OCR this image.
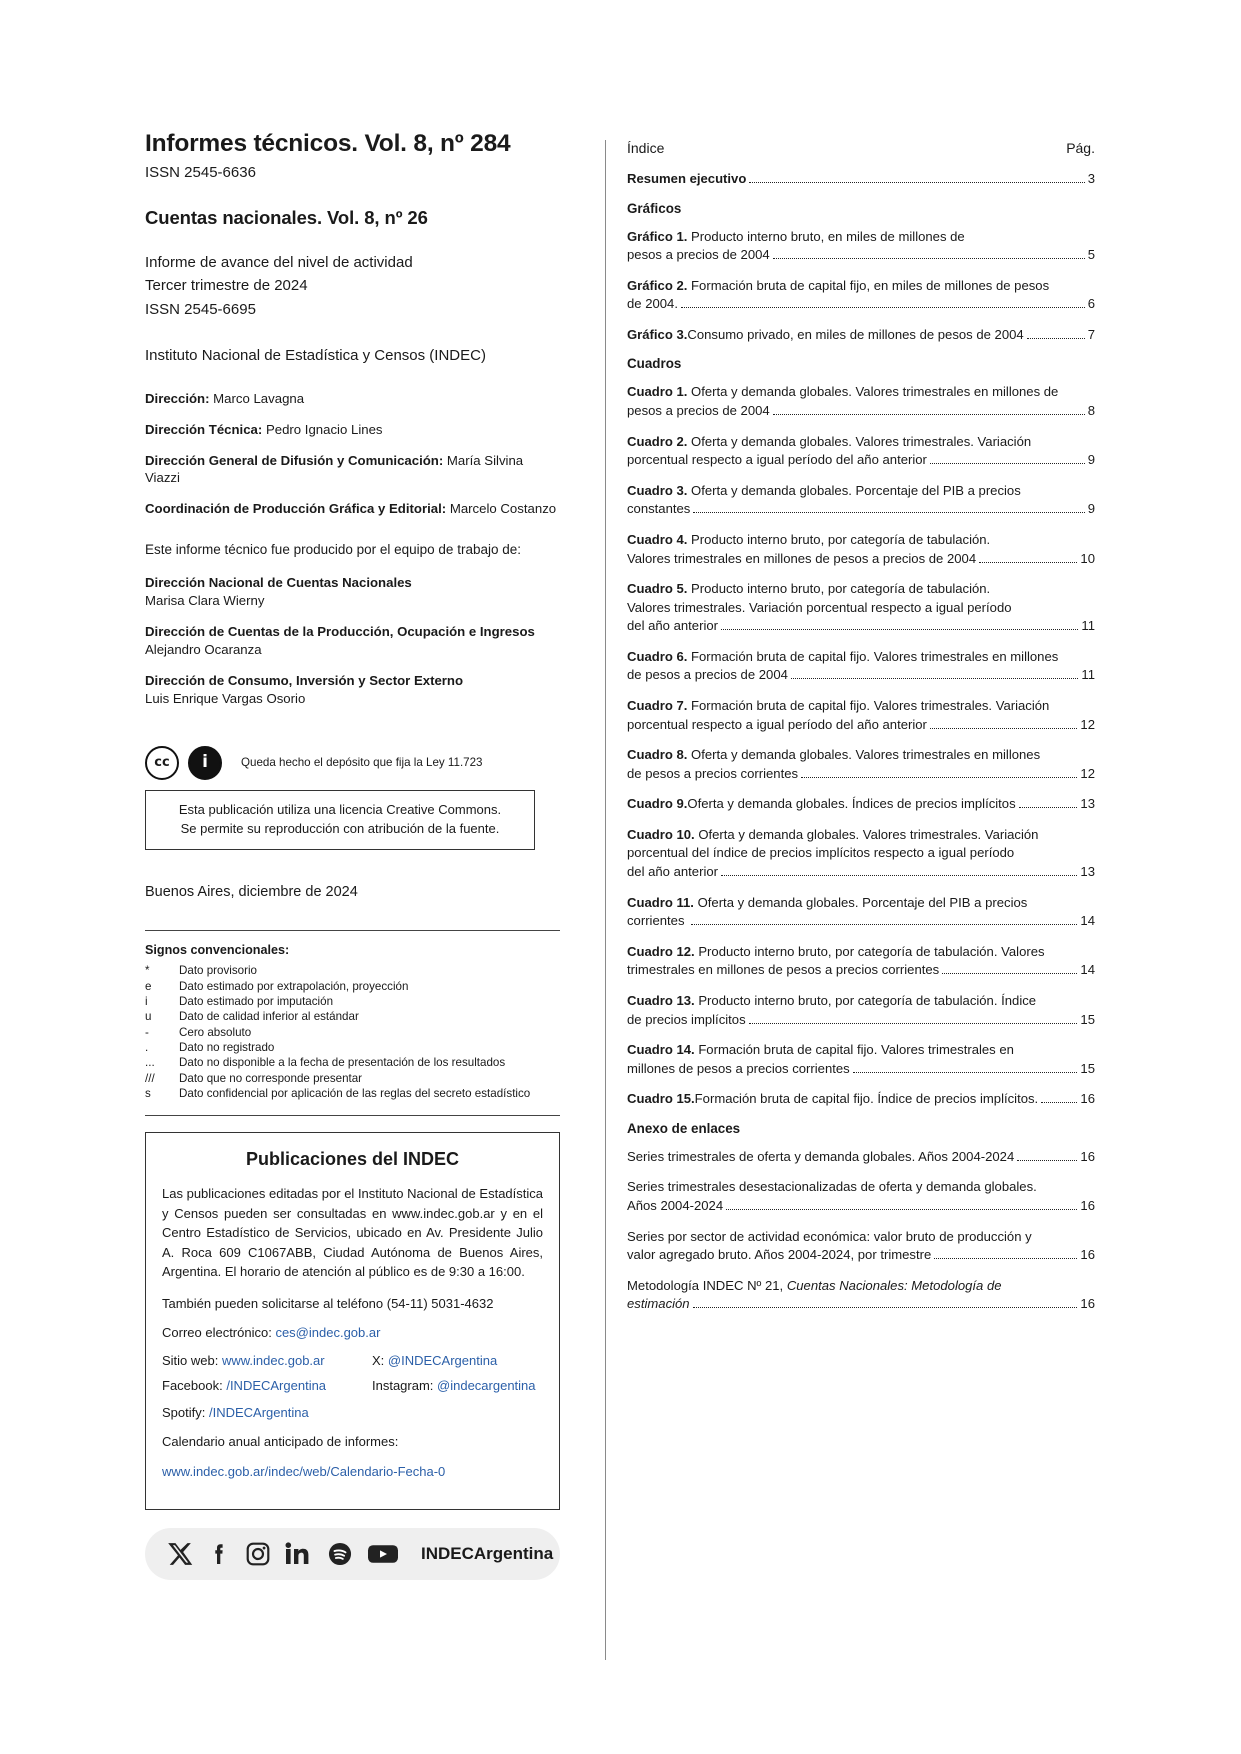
Informes técnicos. Vol. 8, nº 284

ISSN 2545-6636

Cuentas nacionales. Vol. 8, nº 26

Informe de avance del nivel de actividad
Tercer trimestre de 2024
ISSN 2545-6695

Instituto Nacional de Estadística y Censos (INDEC)

Dirección: Marco Lavagna

Dirección Técnica: Pedro Ignacio Lines

Dirección General de Difusión y Comunicación: María Silvina Viazzi

Coordinación de Producción Gráfica y Editorial: Marcelo Costanzo

Este informe técnico fue producido por el equipo de trabajo de:

Dirección Nacional de Cuentas Nacionales

Marisa Clara Wierny

Dirección de Cuentas de la Producción, Ocupación e Ingresos

Alejandro Ocaranza

Dirección de Consumo, Inversión y Sector Externo

Luis Enrique Vargas Osorio

cc	i	Queda hecho el depósito que fija la Ley 11.723
Esta publicación utiliza una licencia Creative Commons.
Se permite su reproducción con atribución de la fuente.

Buenos Aires, diciembre de 2024

Signos convencionales:

*	Dato provisorio
e	Dato estimado por extrapolación, proyección
i	Dato estimado por imputación
u	Dato de calidad inferior al estándar
-	Cero absoluto
.	Dato no registrado
...	Dato no disponible a la fecha de presentación de los resultados
///	Dato que no corresponde presentar
s	Dato confidencial por aplicación de las reglas del secreto estadístico
Publicaciones del INDEC

Las publicaciones editadas por el Instituto Nacional de Estadística y Censos pueden ser consultadas en www.indec.gob.ar y en el Centro Estadístico de Servicios, ubicado en Av. Presidente Julio A. Roca 609 C1067ABB, Ciudad Autónoma de Buenos Aires, Argentina. El horario de atención al público es de 9:30 a 16:00.

También pueden solicitarse al teléfono (54-11) 5031-4632

Correo electrónico: ces@indec.gob.ar

Sitio web: www.indec.gob.ar	X: @INDECArgentina
Facebook: /INDECArgentina	Instagram: @indecargentina

Spotify: /INDECArgentina

Calendario anual anticipado de informes:

www.indec.gob.ar/indec/web/Calendario-Fecha-0

INDECArgentina
Índice	Pág.
Resumen ejecutivo	3
Gráficos
Gráfico 1. Producto interno bruto, en miles de millones de
pesos a precios de 2004	5
Gráfico 2. Formación bruta de capital fijo, en miles de millones de pesos
de 2004.	6
Gráfico 3. Consumo privado, en miles de millones de pesos de 2004	7
Cuadros
Cuadro 1. Oferta y demanda globales. Valores trimestrales en millones de
pesos a precios de 2004	8
Cuadro 2. Oferta y demanda globales. Valores trimestrales. Variación
porcentual respecto a igual período del año anterior	9
Cuadro 3. Oferta y demanda globales. Porcentaje del PIB a precios
constantes	9
Cuadro 4. Producto interno bruto, por categoría de tabulación.
Valores trimestrales en millones de pesos a precios de 2004	10
Cuadro 5. Producto interno bruto, por categoría de tabulación.
Valores trimestrales. Variación porcentual respecto a igual período
del año anterior	11
Cuadro 6. Formación bruta de capital fijo. Valores trimestrales en millones
de pesos a precios de 2004	11
Cuadro 7. Formación bruta de capital fijo. Valores trimestrales. Variación
porcentual respecto a igual período del año anterior	12
Cuadro 8. Oferta y demanda globales. Valores trimestrales en millones
de pesos a precios corrientes	12
Cuadro 9. Oferta y demanda globales. Índices de precios implícitos	13
Cuadro 10. Oferta y demanda globales. Valores trimestrales. Variación
porcentual del índice de precios implícitos respecto a igual período
del año anterior	13
Cuadro 11. Oferta y demanda globales. Porcentaje del PIB a precios
corrientes	14
Cuadro 12. Producto interno bruto, por categoría de tabulación. Valores
trimestrales en millones de pesos a precios corrientes	14
Cuadro 13. Producto interno bruto, por categoría de tabulación. Índice
de precios implícitos	15
Cuadro 14. Formación bruta de capital fijo. Valores trimestrales en
millones de pesos a precios corrientes	15
Cuadro 15. Formación bruta de capital fijo. Índice de precios implícitos.	16
Anexo de enlaces
Series trimestrales de oferta y demanda globales. Años 2004-2024	16
Series trimestrales desestacionalizadas de oferta y demanda globales.
Años 2004-2024	16
Series por sector de actividad económica: valor bruto de producción y
valor agregado bruto. Años 2004-2024, por trimestre	16
Metodología INDEC Nº 21, Cuentas Nacionales: Metodología de
estimación	16
